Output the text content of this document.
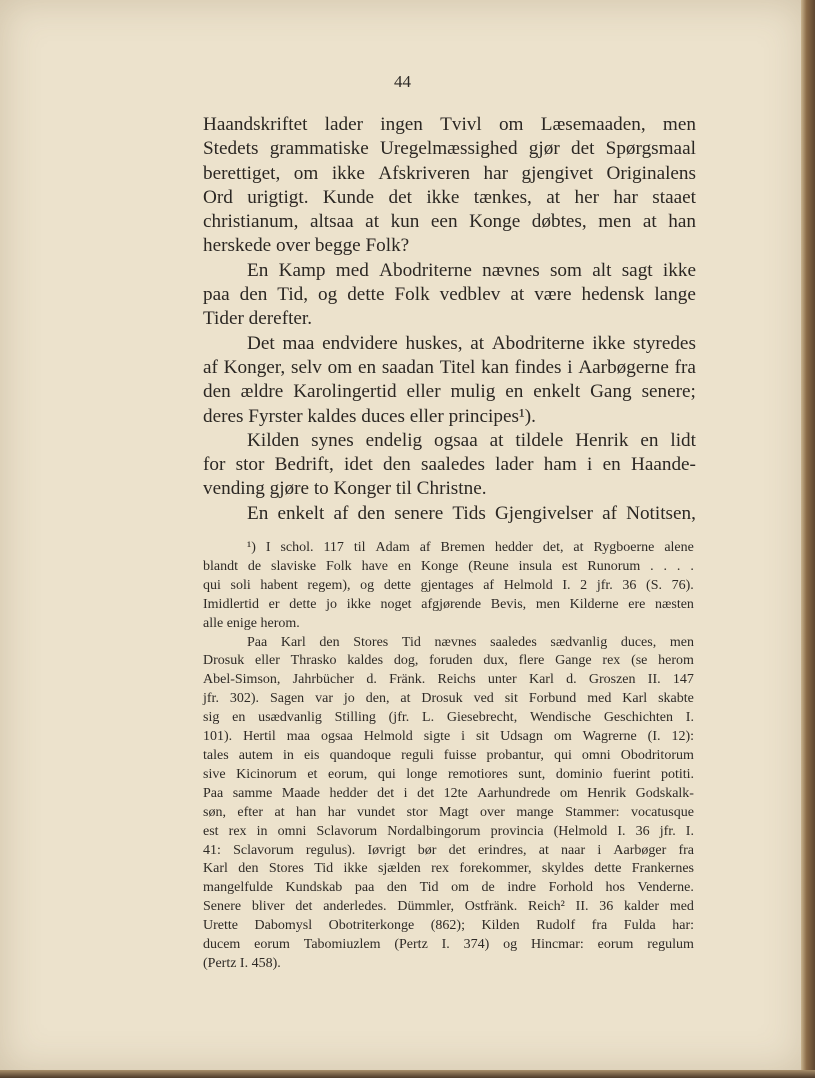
44
Haandskriftet lader ingen Tvivl om Læsemaaden, men
Stedets grammatiske Uregelmæssighed gjør det Spørgsmaal
berettiget, om ikke Afskriveren har gjengivet Originalens
Ord urigtigt. Kunde det ikke tænkes, at her har staaet
christianum, altsaa at kun een Konge døbtes, men at han
herskede over begge Folk?
En Kamp med Abodriterne nævnes som alt sagt ikke
paa den Tid, og dette Folk vedblev at være hedensk lange
Tider derefter.
Det maa endvidere huskes, at Abodriterne ikke styredes
af Konger, selv om en saadan Titel kan findes i Aarbøgerne fra
den ældre Karolingertid eller mulig en enkelt Gang senere;
deres Fyrster kaldes duces eller principes¹).
Kilden synes endelig ogsaa at tildele Henrik en lidt
for stor Bedrift, idet den saaledes lader ham i en Haande-
vending gjøre to Konger til Christne.
En enkelt af den senere Tids Gjengivelser af Notitsen,
¹) I schol. 117 til Adam af Bremen hedder det, at Rygboerne alene
blandt de slaviske Folk have en Konge (Reune insula est Runorum . . . .
qui soli habent regem), og dette gjentages af Helmold I. 2 jfr. 36 (S. 76).
Imidlertid er dette jo ikke noget afgjørende Bevis, men Kilderne ere næsten
alle enige herom.
Paa Karl den Stores Tid nævnes saaledes sædvanlig duces, men
Drosuk eller Thrasko kaldes dog, foruden dux, flere Gange rex (se herom
Abel-Simson, Jahrbücher d. Fränk. Reichs unter Karl d. Groszen II. 147
jfr. 302). Sagen var jo den, at Drosuk ved sit Forbund med Karl skabte
sig en usædvanlig Stilling (jfr. L. Giesebrecht, Wendische Geschichten I.
101). Hertil maa ogsaa Helmold sigte i sit Udsagn om Wagrerne (I. 12):
tales autem in eis quandoque reguli fuisse probantur, qui omni Obodritorum
sive Kicinorum et eorum, qui longe remotiores sunt, dominio fuerint potiti.
Paa samme Maade hedder det i det 12te Aarhundrede om Henrik Godskalk-
søn, efter at han har vundet stor Magt over mange Stammer: vocatusque
est rex in omni Sclavorum Nordalbingorum provincia (Helmold I. 36 jfr. I.
41: Sclavorum regulus). Iøvrigt bør det erindres, at naar i Aarbøger fra
Karl den Stores Tid ikke sjælden rex forekommer, skyldes dette Frankernes
mangelfulde Kundskab paa den Tid om de indre Forhold hos Venderne.
Senere bliver det anderledes. Dümmler, Ostfränk. Reich² II. 36 kalder med
Urette Dabomysl Obotriterkonge (862); Kilden Rudolf fra Fulda har:
ducem eorum Tabomiuzlem (Pertz I. 374) og Hincmar: eorum regulum
(Pertz I. 458).
